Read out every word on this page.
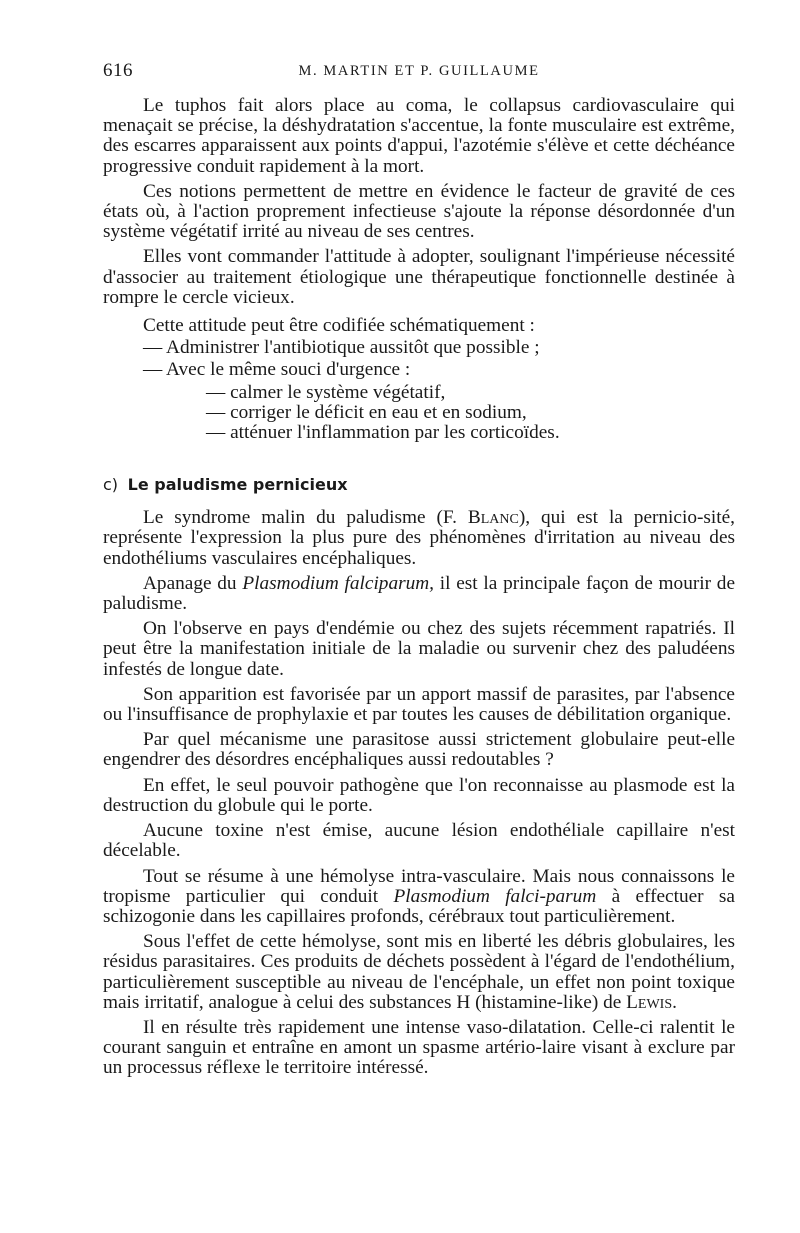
616	M. MARTIN ET P. GUILLAUME

Le tuphos fait alors place au coma, le collapsus cardiovasculaire qui menaçait se précise, la déshydratation s'accentue, la fonte musculaire est extrême, des escarres apparaissent aux points d'appui, l'azotémie s'élève et cette déchéance progressive conduit rapidement à la mort.

Ces notions permettent de mettre en évidence le facteur de gravité de ces états où, à l'action proprement infectieuse s'ajoute la réponse désordonnée d'un système végétatif irrité au niveau de ses centres.

Elles vont commander l'attitude à adopter, soulignant l'impérieuse nécessité d'associer au traitement étiologique une thérapeutique fonctionnelle destinée à rompre le cercle vicieux.

Cette attitude peut être codifiée schématiquement :

— Administrer l'antibiotique aussitôt que possible ;

— Avec le même souci d'urgence :

— calmer le système végétatif,

— corriger le déficit en eau et en sodium,

— atténuer l'inflammation par les corticoïdes.

c) Le paludisme pernicieux

Le syndrome malin du paludisme (F. Blanc), qui est la pernicio-sité, représente l'expression la plus pure des phénomènes d'irritation au niveau des endothéliums vasculaires encéphaliques.

Apanage du Plasmodium falciparum, il est la principale façon de mourir de paludisme.

On l'observe en pays d'endémie ou chez des sujets récemment rapatriés. Il peut être la manifestation initiale de la maladie ou survenir chez des paludéens infestés de longue date.

Son apparition est favorisée par un apport massif de parasites, par l'absence ou l'insuffisance de prophylaxie et par toutes les causes de débilitation organique.

Par quel mécanisme une parasitose aussi strictement globulaire peut-elle engendrer des désordres encéphaliques aussi redoutables ?

En effet, le seul pouvoir pathogène que l'on reconnaisse au plasmode est la destruction du globule qui le porte.

Aucune toxine n'est émise, aucune lésion endothéliale capillaire n'est décelable.

Tout se résume à une hémolyse intra-vasculaire. Mais nous connaissons le tropisme particulier qui conduit Plasmodium falci-parum à effectuer sa schizogonie dans les capillaires profonds, cérébraux tout particulièrement.

Sous l'effet de cette hémolyse, sont mis en liberté les débris globulaires, les résidus parasitaires. Ces produits de déchets possèdent à l'égard de l'endothélium, particulièrement susceptible au niveau de l'encéphale, un effet non point toxique mais irritatif, analogue à celui des substances H (histamine-like) de Lewis.

Il en résulte très rapidement une intense vaso-dilatation. Celle-ci ralentit le courant sanguin et entraîne en amont un spasme artério-laire visant à exclure par un processus réflexe le territoire intéressé.
